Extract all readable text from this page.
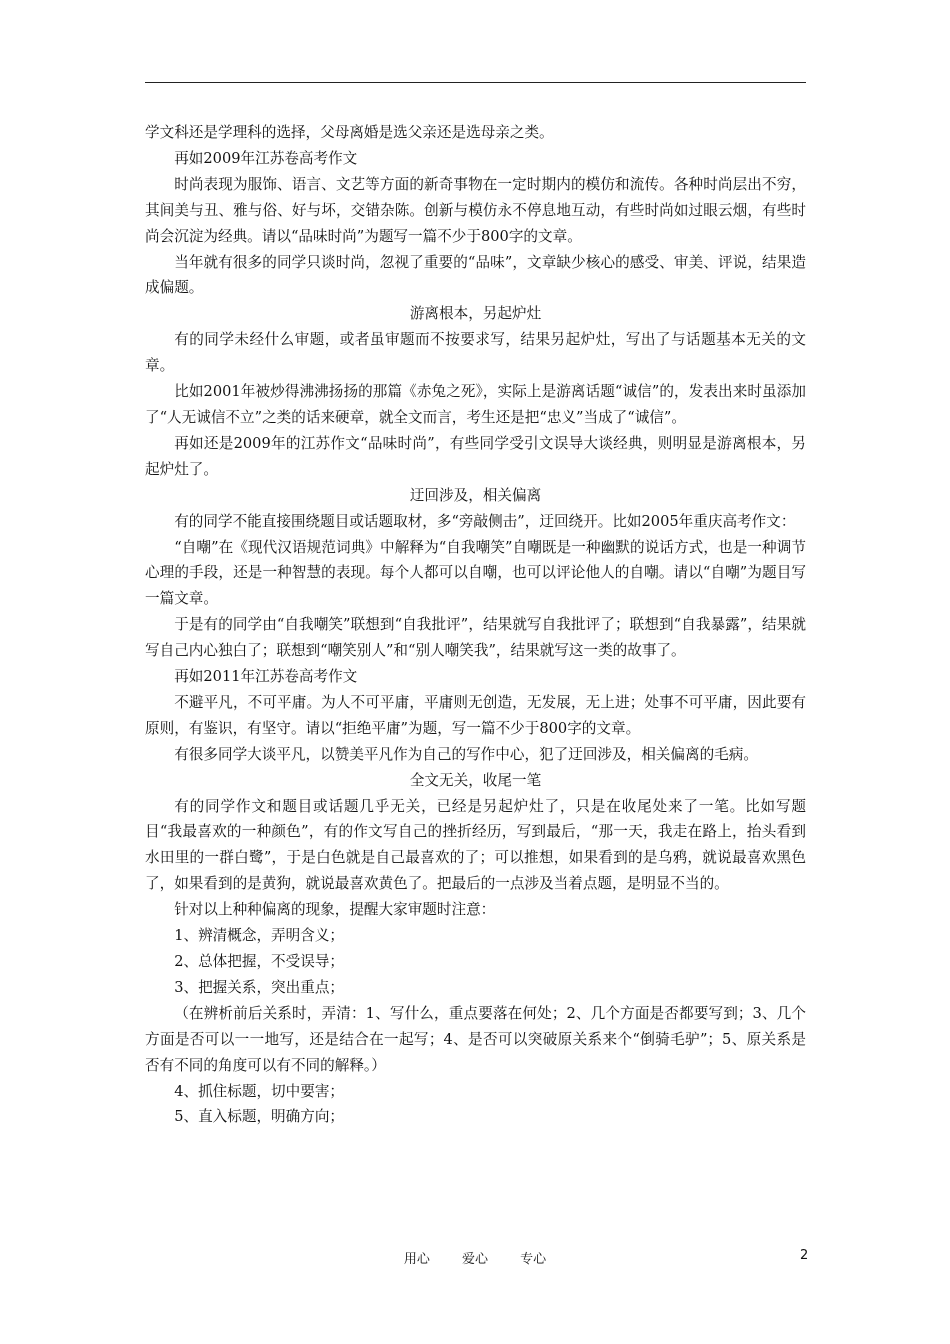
学文科还是学理科的选择，父母离婚是选父亲还是选母亲之类。

再如2009年江苏卷高考作文

时尚表现为服饰、语言、文艺等方面的新奇事物在一定时期内的模仿和流传。各种时尚层出不穷，其间美与丑、雅与俗、好与坏，交错杂陈。创新与模仿永不停息地互动，有些时尚如过眼云烟，有些时尚会沉淀为经典。请以“品味时尚”为题写一篇不少于800字的文章。

当年就有很多的同学只谈时尚，忽视了重要的“品味”，文章缺少核心的感受、审美、评说，结果造成偏题。

游离根本，另起炉灶

有的同学未经什么审题，或者虽审题而不按要求写，结果另起炉灶，写出了与话题基本无关的文章。

比如2001年被炒得沸沸扬扬的那篇《赤兔之死》，实际上是游离话题“诚信”的，发表出来时虽添加了“人无诚信不立”之类的话来硬章，就全文而言，考生还是把“忠义”当成了“诚信”。

再如还是2009年的江苏作文“品味时尚”，有些同学受引文误导大谈经典，则明显是游离根本，另起炉灶了。

迂回涉及，相关偏离

有的同学不能直接围绕题目或话题取材，多“旁敲侧击”，迂回绕开。比如2005年重庆高考作文：

“自嘲”在《现代汉语规范词典》中解释为“自我嘲笑”自嘲既是一种幽默的说话方式，也是一种调节心理的手段，还是一种智慧的表现。每个人都可以自嘲，也可以评论他人的自嘲。请以“自嘲”为题目写一篇文章。

于是有的同学由“自我嘲笑”联想到“自我批评”，结果就写自我批评了；联想到“自我暴露”，结果就写自己内心独白了；联想到“嘲笑别人”和“别人嘲笑我”，结果就写这一类的故事了。

再如2011年江苏卷高考作文

不避平凡，不可平庸。为人不可平庸，平庸则无创造，无发展，无上进；处事不可平庸，因此要有原则，有鉴识，有坚守。请以“拒绝平庸”为题，写一篇不少于800字的文章。

有很多同学大谈平凡，以赞美平凡作为自己的写作中心，犯了迂回涉及，相关偏离的毛病。

全文无关，收尾一笔

有的同学作文和题目或话题几乎无关，已经是另起炉灶了，只是在收尾处来了一笔。比如写题目“我最喜欢的一种颜色”，有的作文写自己的挫折经历，写到最后，“那一天，我走在路上，抬头看到水田里的一群白鹭”，于是白色就是自己最喜欢的了；可以推想，如果看到的是乌鸦，就说最喜欢黑色了，如果看到的是黄狗，就说最喜欢黄色了。把最后的一点涉及当着点题，是明显不当的。

针对以上种种偏离的现象，提醒大家审题时注意：

1、辨清概念，弄明含义；

2、总体把握，不受误导；

3、把握关系，突出重点；

（在辨析前后关系时，弄清：1、写什么，重点要落在何处；2、几个方面是否都要写到；3、几个方面是否可以一一地写，还是结合在一起写；4、是否可以突破原关系来个“倒骑毛驴”；5、原关系是否有不同的角度可以有不同的解释。）

4、抓住标题，切中要害；

5、直入标题，明确方向；

用心 爱心 专心	2
